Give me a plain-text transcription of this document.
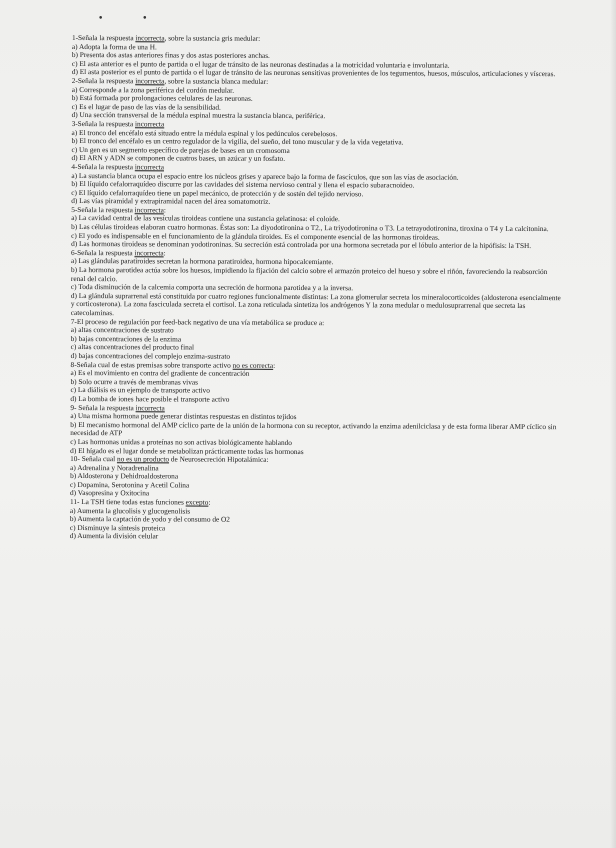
• •
1-Señala la respuesta incorrecta, sobre la sustancia gris medular:
a) Adopta la forma de una H.
b) Presenta dos astas anteriores finas y dos astas posteriores anchas.
c) El asta anterior es el punto de partida o el lugar de tránsito de las neuronas destinadas a la motricidad voluntaria e involuntaria.
d) El asta posterior es el punto de partida o el lugar de tránsito de las neuronas sensitivas provenientes de los tegumentos, huesos, músculos, articulaciones y vísceras.
2-Señala la respuesta incorrecta, sobre la sustancia blanca medular:
a) Corresponde a la zona periférica del cordón medular.
b) Está formada por prolongaciones celulares de las neuronas.
c) Es el lugar de paso de las vías de la sensibilidad.
d) Una sección transversal de la médula espinal muestra la sustancia blanca, periférica.
3-Señala la respuesta incorrecta
a) El tronco del encéfalo está situado entre la médula espinal y los pedúnculos cerebelosos.
b) El tronco del encéfalo es un centro regulador de la vigilia, del sueño, del tono muscular y de la vida vegetativa.
c) Un gen es un segmento específico de parejas de bases en un cromosoma
d) El ARN y ADN se componen de cuatros bases, un azúcar y un fosfato.
4-Señala la respuesta incorrecta
a) La sustancia blanca ocupa el espacio entre los núcleos grises y aparece bajo la forma de fascículos, que son las vías de asociación.
b) El líquido cefalorraquídeo discurre por las cavidades del sistema nervioso central y llena el espacio subaracnoideo.
c) El líquido cefalorraquídeo tiene un papel mecánico, de protección y de sostén del tejido nervioso.
d) Las vías piramidal y extrapiramidal nacen del área somatomotriz.
5-Señala la respuesta incorrecta:
a) La cavidad central de las vesículas tiroideas contiene una sustancia gelatinosa: el coloide.
b) Las células tiroideas elaboran cuatro hormonas. Éstas son: La diyodotironina o T2., La triyodotironina o T3. La tetrayodotironina, tiroxina o T4 y La calcitonina.
c) El yodo es indispensable en el funcionamiento de la glándula tiroides. Es el componente esencial de las hormonas tiroideas.
d) Las hormonas tiroideas se denominan yodotironinas. Su secreción está controlada por una hormona secretada por el lóbulo anterior de la hipófisis: la TSH.
6-Señala la respuesta incorrecta:
a) Las glándulas paratiroides secretan la hormona paratiroidea, hormona hipocalcemiante.
b) La hormona parotidea actúa sobre los huesos, impidiendo la fijación del calcio sobre el armazón proteico del hueso y sobre el riñón, favoreciendo la reabsorción renal del calcio.
c) Toda disminución de la calcemia comporta una secreción de hormona parotidea y a la inversa.
d) La glándula suprarrenal está constituida por cuatro regiones funcionalmente distintas: La zona glomerular secreta los mineralocorticoides (aldosterona esencialmente y corticosterona). La zona fasciculada secreta el cortisol. La zona reticulada sintetiza los andrógenos Y la zona medular o medulosuprarrenal que secreta las catecolaminas.
7-El proceso de regulación por feed-back negativo de una vía metabólica se produce a:
a) altas concentraciones de sustrato
b) bajas concentraciones de la enzima
c) altas concentraciones del producto final
d) bajas concentraciones del complejo enzima-sustrato
8-Señala cual de estas premisas sobre transporte activo no es correcta:
a) Es el movimiento en contra del gradiente de concentración
b) Solo ocurre a través de membranas vivas
c) La diálisis es un ejemplo de transporte activo
d) La bomba de iones hace posible el transporte activo
9- Señala la respuesta incorrecta
a) Una misma hormona puede generar distintas respuestas en distintos tejidos
b) El mecanismo hormonal del AMP cíclico parte de la unión de la hormona con su receptor, activando la enzima adenilciclasa y de esta forma liberar AMP cíclico sin necesidad de ATP
c) Las hormonas unidas a proteínas no son activas biológicamente hablando
d) El hígado es el lugar donde se metabolizan prácticamente todas las hormonas
10- Señala cual no es un producto de Neurosecreción Hipotalámica:
a) Adrenalina y Noradrenalina
b) Aldosterona y Dehidroaldosterona
c) Dopamina, Serotonina y Acetil Colina
d) Vasopresina y Oxitocina
11- La TSH tiene todas estas funciones excepto:
a) Aumenta la glucolisis y glucogenolisis
b) Aumenta la captación de yodo y del consumo de O2
c) Disminuye la síntesis proteica
d) Aumenta la división celular
